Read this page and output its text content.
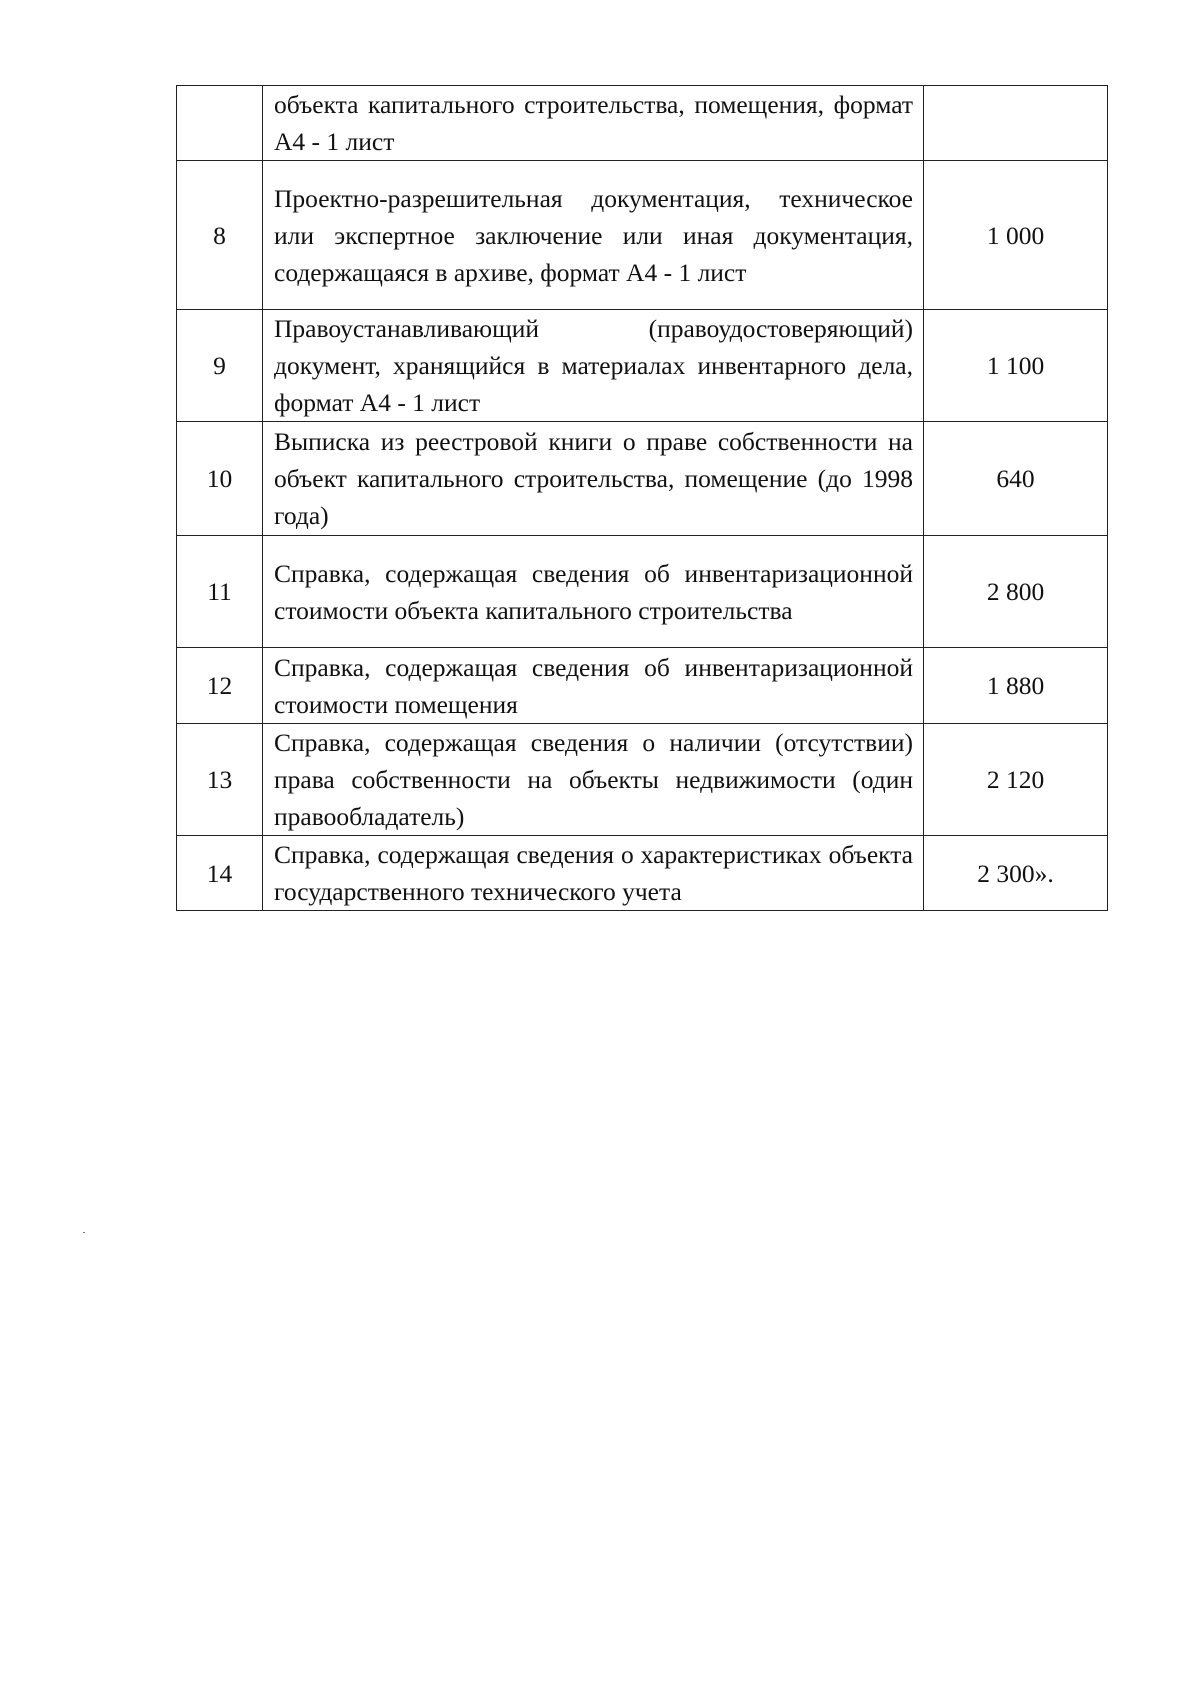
	объекта капитального строительства, помещения, формат А4 - 1 лист	
8	Проектно-разрешительная документация, техническое или экспертное заключение или иная документация, содержащаяся в архиве, формат А4 - 1 лист	1 000
9	Правоустанавливающий (правоудостоверяющий) документ, хранящийся в материалах инвентарного дела, формат А4 - 1 лист	1 100
10	Выписка из реестровой книги о праве собственности на объект капитального строительства, помещение (до 1998 года)	640
11	Справка, содержащая сведения об инвентаризационной стоимости объекта капитального строительства	2 800
12	Справка, содержащая сведения об инвентаризационной стоимости помещения	1 880
13	Справка, содержащая сведения о наличии (отсутствии) права собственности на объекты недвижимости (один правообладатель)	2 120
14	Справка, содержащая сведения о характеристиках объекта государственного технического учета	2 300».
